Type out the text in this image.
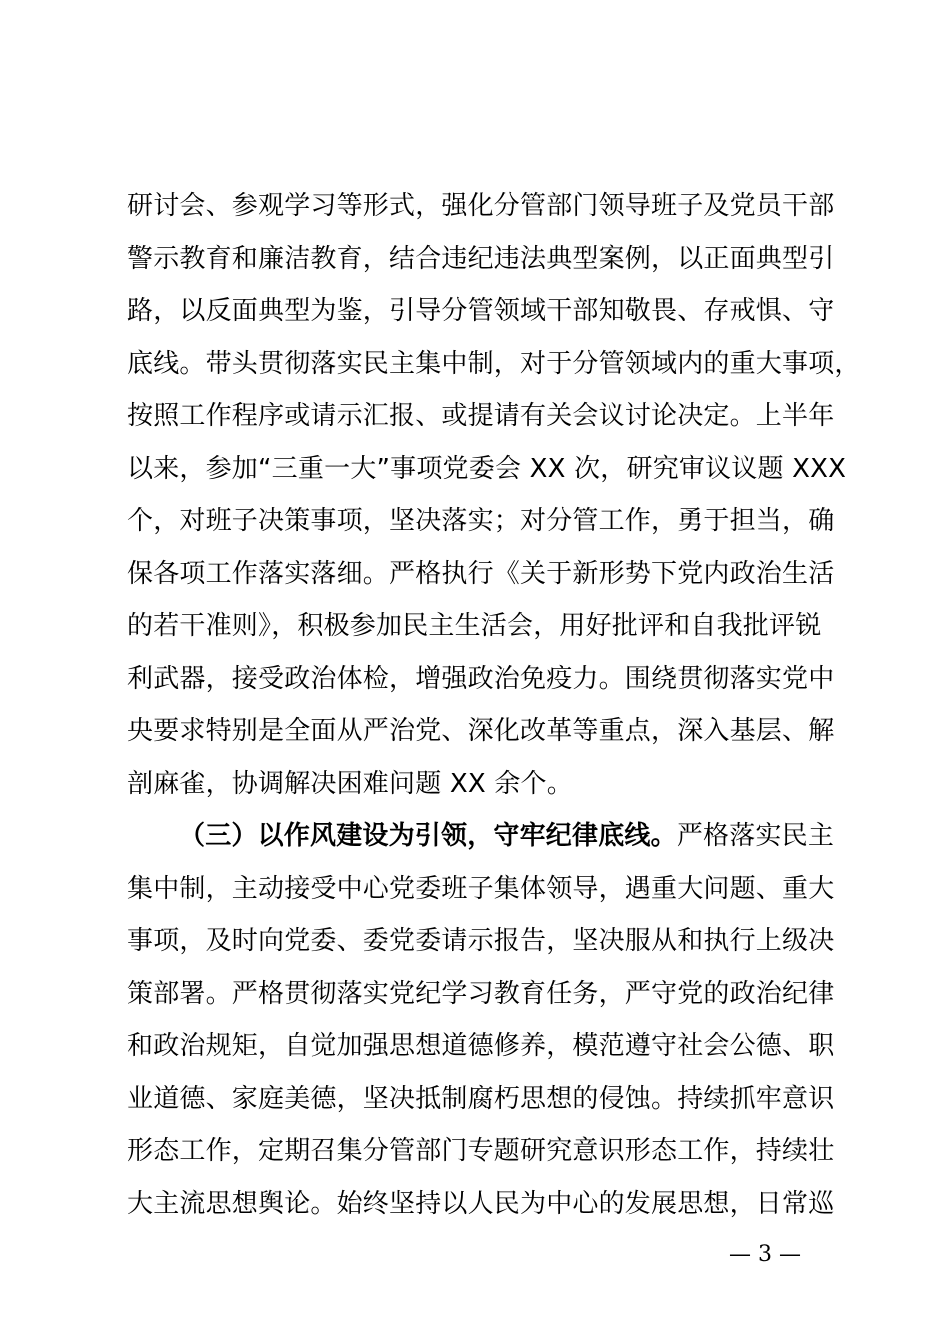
研讨会、参观学习等形式，强化分管部门领导班子及党员干部
警示教育和廉洁教育，结合违纪违法典型案例，以正面典型引
路，以反面典型为鉴，引导分管领域干部知敬畏、存戒惧、守
底线。带头贯彻落实民主集中制，对于分管领域内的重大事项，
按照工作程序或请示汇报、或提请有关会议讨论决定。上半年
以来，参加“三重一大”事项党委会 XX 次，研究审议议题 XXX
个，对班子决策事项，坚决落实；对分管工作，勇于担当，确
保各项工作落实落细。严格执行《关于新形势下党内政治生活
的若干准则》，积极参加民主生活会，用好批评和自我批评锐
利武器，接受政治体检，增强政治免疫力。围绕贯彻落实党中
央要求特别是全面从严治党、深化改革等重点，深入基层、解
剖麻雀，协调解决困难问题 XX 余个。
（三）以作风建设为引领，守牢纪律底线。严格落实民主
集中制，主动接受中心党委班子集体领导，遇重大问题、重大
事项，及时向党委、委党委请示报告，坚决服从和执行上级决
策部署。严格贯彻落实党纪学习教育任务，严守党的政治纪律
和政治规矩，自觉加强思想道德修养，模范遵守社会公德、职
业道德、家庭美德，坚决抵制腐朽思想的侵蚀。持续抓牢意识
形态工作，定期召集分管部门专题研究意识形态工作，持续壮
大主流思想舆论。始终坚持以人民为中心的发展思想，日常巡
— 3 —
